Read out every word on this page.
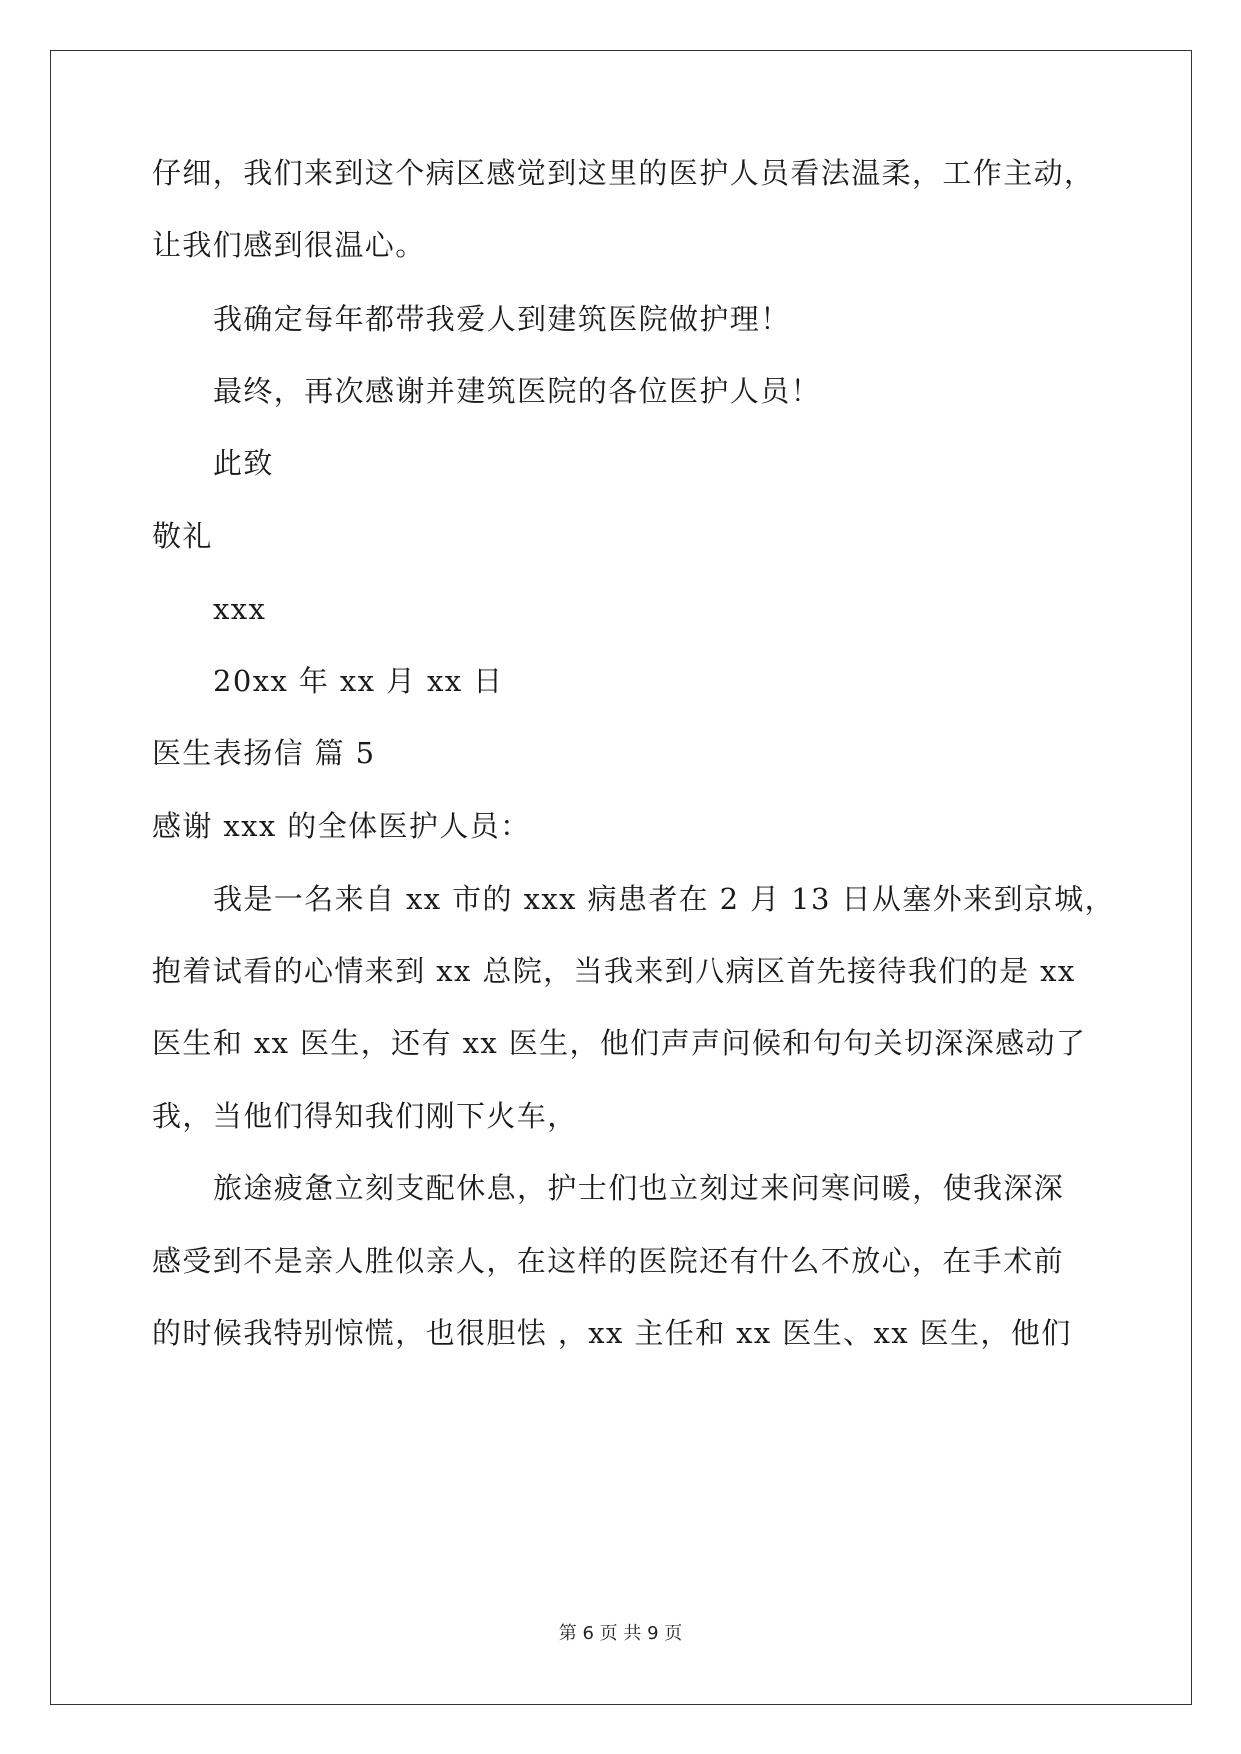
仔细，我们来到这个病区感觉到这里的医护人员看法温柔，工作主动，
让我们感到很温心。
我确定每年都带我爱人到建筑医院做护理！
最终，再次感谢并建筑医院的各位医护人员！
此致
敬礼
xxx
20xx 年 xx 月 xx 日
医生表扬信 篇 5
感谢 xxx 的全体医护人员：
我是一名来自 xx 市的 xxx 病患者在 2 月 13 日从塞外来到京城，
抱着试看的心情来到 xx 总院，当我来到八病区首先接待我们的是 xx
医生和 xx 医生，还有 xx 医生，他们声声问候和句句关切深深感动了
我，当他们得知我们刚下火车，
旅途疲惫立刻支配休息，护士们也立刻过来问寒问暖，使我深深
感受到不是亲人胜似亲人，在这样的医院还有什么不放心，在手术前
的时候我特别惊慌，也很胆怯 ，xx 主任和 xx 医生、xx 医生，他们
第 6 页 共 9 页
